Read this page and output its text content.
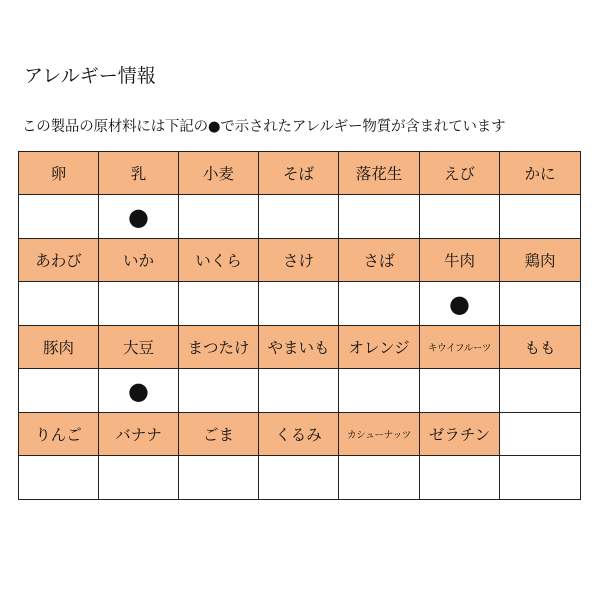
アレルギー情報
この製品の原材料には下記の●で示されたアレルギー物質が含まれています
卵	乳	小麦	そば	落花生	えび	かに
	●					
あわび	いか	いくら	さけ	さば	牛肉	鶏肉
					●	
豚肉	大豆	まつたけ	やまいも	オレンジ	キウイフルーツ	もも
	●					
りんご	バナナ	ごま	くるみ	カシューナッツ	ゼラチン	
